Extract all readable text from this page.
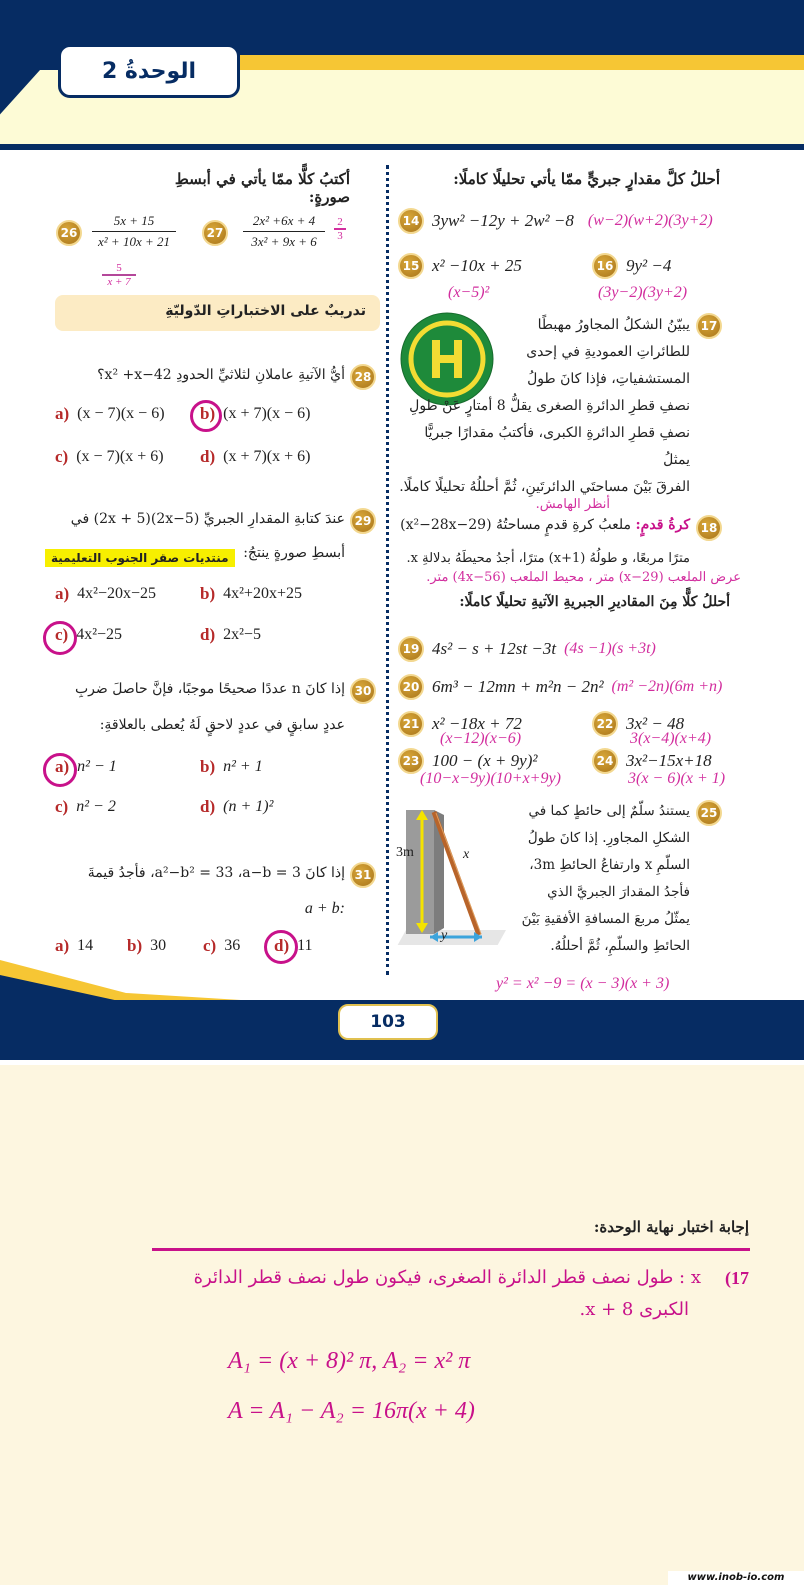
الوحدةُ 2
أحللُ كلَّ مقدارٍ جبريٍّ ممّا يأتي تحليلًا كاملًا:
14 3yw² −12y + 2w² −8 (w−2)(w+2)(3y+2)
15 x² −10x + 25
(x−5)²
16 9y² −4
(3y−2)(3y+2)
17
يبيّنُ الشكلُ المجاورُ مهبطًا
للطائراتِ العموديةِ في إحدى
المستشفياتِ، فإذا كانَ طولُ
نصفِ قطرِ الدائرةِ الصغرى يقلُّ 8 أمتارٍ عَنْ طولِ
نصفِ قطرِ الدائرةِ الكبرى، فأكتبُ مقدارًا جبريًّا يمثلُ
الفرقَ بَيْنَ مساحتَي الدائرتَينِ، ثُمَّ أحللُهُ تحليلًا كاملًا.
أنظر الهامش.
18
كرةُ قدمٍ: ملعبُ كرةِ قدمٍ مساحتُهُ (x²−28x−29)
مترًا مربعًا، و طولُهُ (x+1) مترًا، أجدُ محيطَهُ بدلالةِ x.
عرض الملعب (x−29) متر ، محيط الملعب (4x−56) متر.
أحللُ كلًّا مِنَ المقاديرِ الجبريةِ الآتيةِ تحليلًا كاملًا:
19 4s² − s + 12st −3t (4s −1)(s +3t)
20 6m³ − 12mn + m²n − 2n² (m² −2n)(6m +n)
21 x² −18x + 72
(x−12)(x−6)
22 3x² − 48
3(x−4)(x+4)
23 100 − (x + 9y)²
(10−x−9y)(10+x+9y)
24 3x²−15x+18
3(x − 6)(x + 1)
3m	x
y
25
يستندُ سلّمٌ إلى حائطٍ كما في
الشكلِ المجاورِ. إذا كانَ طولُ
السلّمِ x وارتفاعُ الحائطِ 3m،
فأجدُ المقدارَ الجبريَّ الذي
يمثّلُ مربعَ المسافةِ الأفقيةِ بَيْنَ
الحائطِ والسلّمِ، ثُمَّ أحللُهُ.
y² = x² −9 = (x − 3)(x + 3)
أكتبُ كلًّا ممّا يأتي في أبسطِ صورةٍ:
26	$\frac{5x + 15}{\text{x² + 10x + 21}}$
$\frac{5}{x + 7}$
27	$\frac{\text{2x² +6x + 4}}{\text{3x² + 9x + 6}} \frac{2}{3}$
تدريبٌ على الاختباراتِ الدّوليّةِ
28
أيُّ الآتيةِ عاملانِ لثلاثيِّ الحدودِ x² +x−42؟
a) (x − 7)(x − 6) b) (x + 7)(x − 6)
c) (x − 7)(x + 6) d) (x + 7)(x + 6)
29
عندَ كتابةِ المقدارِ الجبريِّ (2x−5)(2x + 5) في
أبسطِ صورةٍ ينتجُ:
منتديات صقر الجنوب التعليمية
a) 4x²−20x−25	b) 4x²+20x+25
c) 4x²−25	d) 2x²−5
30
إذا كانَ n عددًا صحيحًا موجبًا، فإنَّ حاصلَ ضربِ
عددٍ سابقٍ في عددٍ لاحقٍ لَهُ يُعطى بالعلاقةِ:
a) n² − 1	b) n² + 1
c) n² − 2	d) (n + 1)²
31
إذا كانَ a²−b² = 33 ،a−b = 3، فأجدُ قيمةَ
:a + b
a) 14 b) 30 c) 36 d) 11
103
إجابة اختبار نهاية الوحدة:
17)
x : طول نصف قطر الدائرة الصغرى، فيكون طول نصف قطر الدائرة
الكبرى x + 8.
A₁ = (x + 8)² π, A₂ = x² π
A = A₁ − A₂ = 16π(x + 4)
www.inob-io.com
